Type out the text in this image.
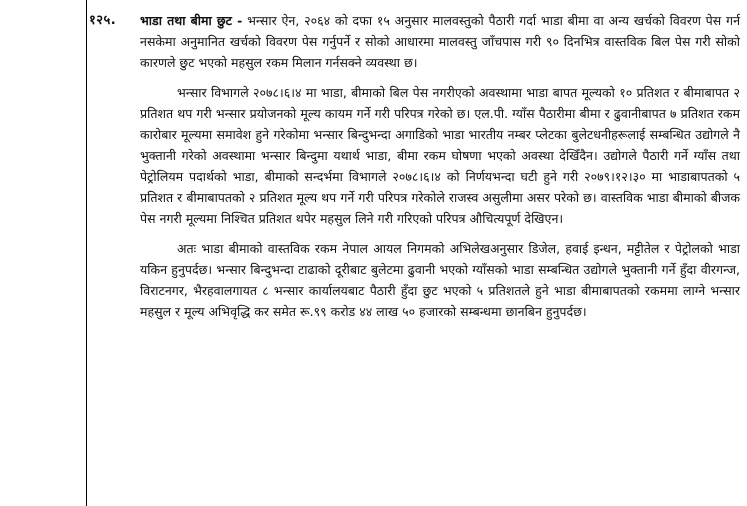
१२५. भाडा तथा बीमा छुट - भन्सार ऐन, २०६४ को दफा १५ अनुसार मालवस्तुको पैठारी गर्दा भाडा बीमा वा अन्य खर्चको विवरण पेस गर्न नसकेमा अनुमानित खर्चको विवरण पेस गर्नुपर्ने र सोको आधारमा मालवस्तु जाँचपास गरी ९० दिनभित्र वास्तविक बिल पेस गरी सोको कारणले छुट भएको महसुल रकम मिलान गर्नसक्ने व्यवस्था छ।

भन्सार विभागले २०७८।६।४ मा भाडा, बीमाको बिल पेस नगरीएको अवस्थामा भाडा बापत मूल्यको १० प्रतिशत र बीमाबापत २ प्रतिशत थप गरी भन्सार प्रयोजनको मूल्य कायम गर्ने गरी परिपत्र गरेको छ। एल.पी. ग्याँस पैठारीमा बीमा र ढुवानीबापत ७ प्रतिशत रकम कारोबार मूल्यमा समावेश हुने गरेकोमा भन्सार बिन्दुभन्दा अगाडिको भाडा भारतीय नम्बर प्लेटका बुलेटधनीहरूलाई सम्बन्धित उद्योगले नै भुक्तानी गरेको अवस्थामा भन्सार बिन्दुमा यथार्थ भाडा, बीमा रकम घोषणा भएको अवस्था देखिँदैन। उद्योगले पैठारी गर्ने ग्याँस तथा पेट्रोलियम पदार्थको भाडा, बीमाको सन्दर्भमा विभागले २०७८।६।४ को निर्णयभन्दा घटी हुने गरी २०७९।१२।३० मा भाडाबापतको ५ प्रतिशत र बीमाबापतको २ प्रतिशत मूल्य थप गर्ने गरी परिपत्र गरेकोले राजस्व असुलीमा असर परेको छ। वास्तविक भाडा बीमाको बीजक पेस नगरी मूल्यमा निश्चित प्रतिशत थपेर महसुल लिने गरी गरिएको परिपत्र औचित्यपूर्ण देखिएन।

अतः भाडा बीमाको वास्तविक रकम नेपाल आयल निगमको अभिलेखअनुसार डिजेल, हवाई इन्धन, मट्टीतेल र पेट्रोलको भाडा यकिन हुनुपर्दछ। भन्सार बिन्दुभन्दा टाढाको दूरीबाट बुलेटमा ढुवानी भएको ग्याँसको भाडा सम्बन्धित उद्योगले भुक्तानी गर्ने हुँदा वीरगन्ज, विराटनगर, भैरहवालगायत ८ भन्सार कार्यालयबाट पैठारी हुँदा छुट भएको ५ प्रतिशतले हुने भाडा बीमाबापतको रकममा लाग्ने भन्सार महसुल र मूल्य अभिवृद्धि कर समेत रू.९९ करोड ४४ लाख ५० हजारको सम्बन्धमा छानबिन हुनुपर्दछ।
